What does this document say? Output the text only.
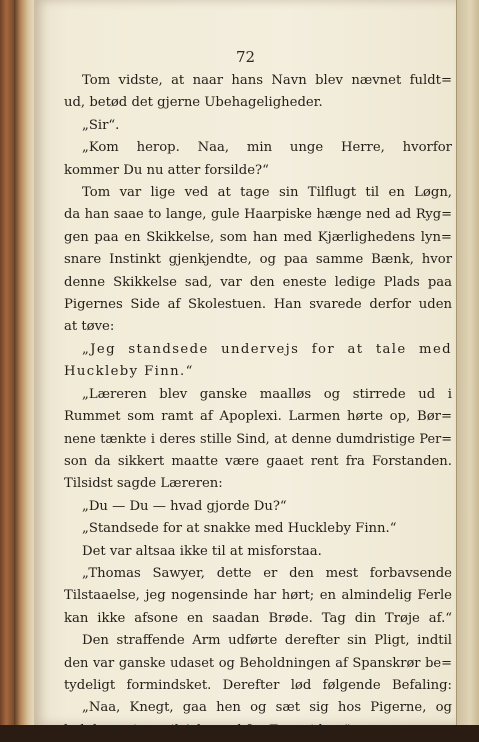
72
Tom vidste, at naar hans Navn blev nævnet fuldt=
ud, betød det gjerne Ubehageligheder.
„Sir“.
„Kom herop. Naa, min unge Herre, hvorfor
kommer Du nu atter forsilde?“
Tom var lige ved at tage sin Tilflugt til en Løgn,
da han saae to lange, gule Haarpiske hænge ned ad Ryg=
gen paa en Skikkelse, som han med Kjærlighedens lyn=
snare Instinkt gjenkjendte, og paa samme Bænk, hvor
denne Skikkelse sad, var den eneste ledige Plads paa
Pigernes Side af Skolestuen. Han svarede derfor uden
at tøve:
„Jeg standsede undervejs for at tale med
Huckleby Finn.“
„Læreren blev ganske maalløs og stirrede ud i
Rummet som ramt af Apoplexi. Larmen hørte op, Bør=
nene tænkte i deres stille Sind, at denne dumdristige Per=
son da sikkert maatte være gaaet rent fra Forstanden.
Tilsidst sagde Læreren:
„Du — Du — hvad gjorde Du?“
„Standsede for at snakke med Huckleby Finn.“
Det var altsaa ikke til at misforstaa.
„Thomas Sawyer, dette er den mest forbavsende
Tilstaaelse, jeg nogensinde har hørt; en almindelig Ferle
kan ikke afsone en saadan Brøde. Tag din Trøje af.“
Den straffende Arm udførte derefter sin Pligt, indtil
den var ganske udaset og Beholdningen af Spanskrør be=
tydeligt formindsket. Derefter lød følgende Befaling:
„Naa, Knegt, gaa hen og sæt sig hos Pigerne, og
lad dette tjene til Advarsel for Fremtiden.“
